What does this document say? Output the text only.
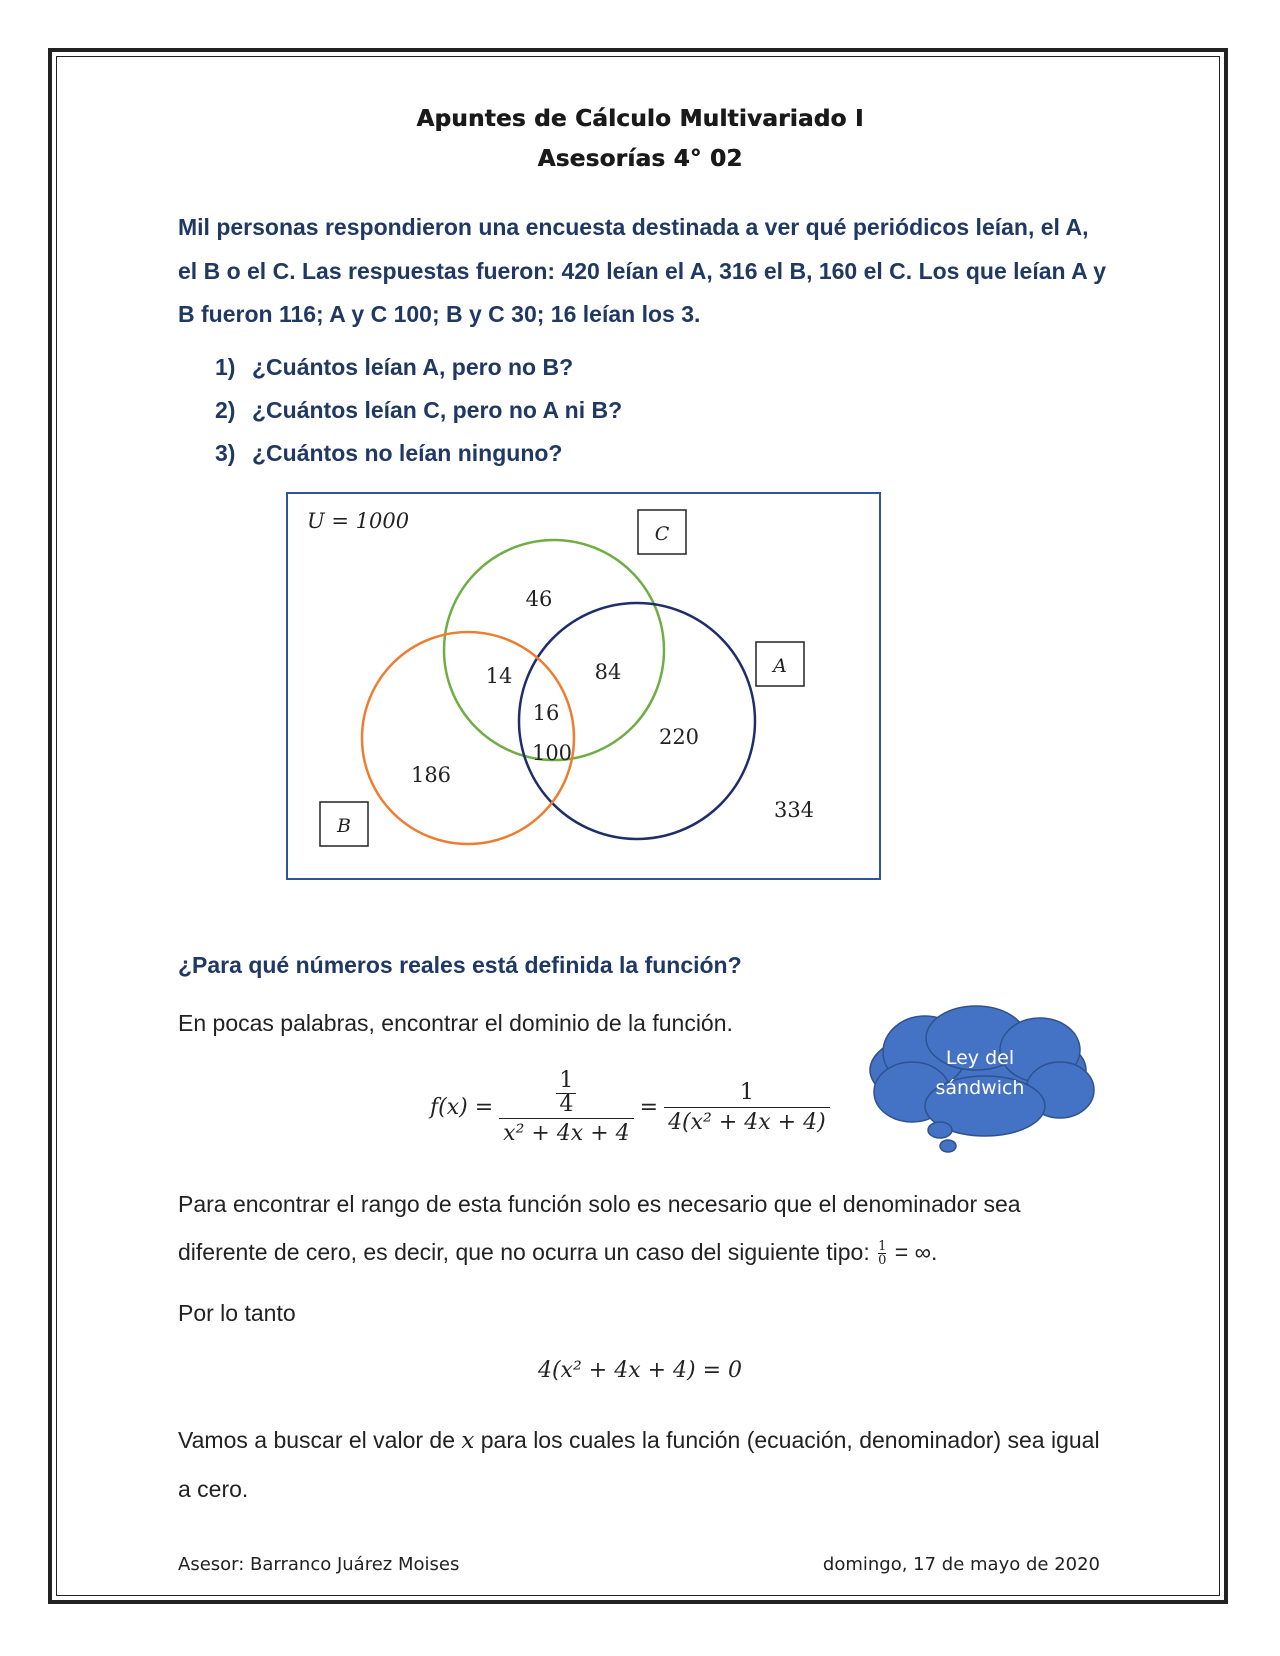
Apuntes de Cálculo Multivariado I
Asesorías 4° 02
Mil personas respondieron una encuesta destinada a ver qué periódicos leían, el A, el B o el C. Las respuestas fueron: 420 leían el A, 316 el B, 160 el C. Los que leían A y B fueron 116; A y C 100; B y C 30; 16 leían los 3.
1) ¿Cuántos leían A, pero no B?
2) ¿Cuántos leían C, pero no A ni B?
3) ¿Cuántos no leían ninguno?
U = 1000
C
A
B
46
14	84
16
100
220
186
334
¿Para qué números reales está definida la función?
En pocas palabras, encontrar el dominio de la función.
Ley del
sándwich
$f(x) = \frac{\frac{1}{4}}{\text{x² + 4x + 4}} = \frac{1}{\text{4(x² + 4x + 4)}}$
Para encontrar el rango de esta función solo es necesario que el denominador sea diferente de cero, es decir, que no ocurra un caso del siguiente tipo: $\frac{1}{0}$ = ∞.
Por lo tanto
4(x² + 4x + 4) = 0
Vamos a buscar el valor de x para los cuales la función (ecuación, denominador) sea igual a cero.
Asesor: Barranco Juárez Moises	domingo, 17 de mayo de 2020
